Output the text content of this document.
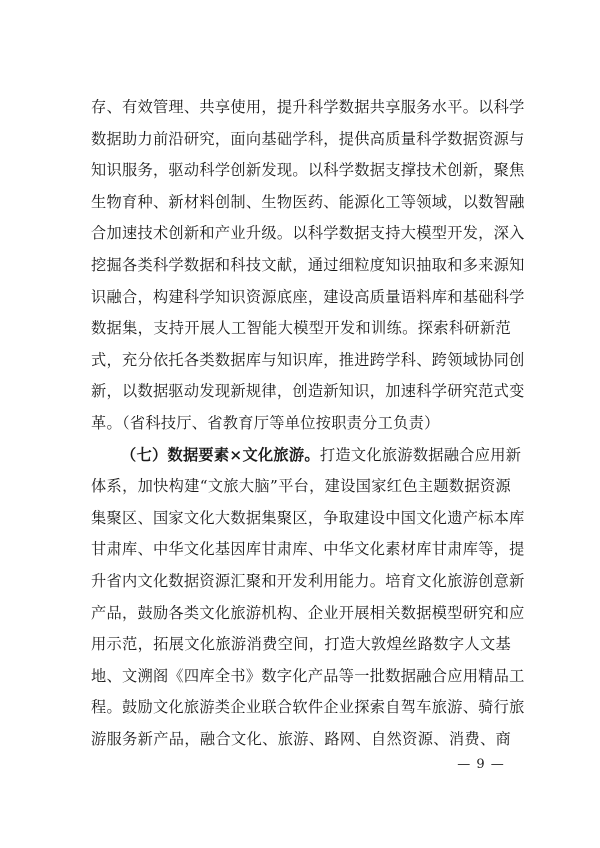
存、有效管理、共享使用，提升科学数据共享服务水平。以科学
数据助力前沿研究，面向基础学科，提供高质量科学数据资源与
知识服务，驱动科学创新发现。以科学数据支撑技术创新，聚焦
生物育种、新材料创制、生物医药、能源化工等领域，以数智融
合加速技术创新和产业升级。以科学数据支持大模型开发，深入
挖掘各类科学数据和科技文献，通过细粒度知识抽取和多来源知
识融合，构建科学知识资源底座，建设高质量语料库和基础科学
数据集，支持开展人工智能大模型开发和训练。探索科研新范
式，充分依托各类数据库与知识库，推进跨学科、跨领域协同创
新，以数据驱动发现新规律，创造新知识，加速科学研究范式变
革。（省科技厅、省教育厅等单位按职责分工负责）
（七）数据要素×文化旅游。打造文化旅游数据融合应用新
体系，加快构建“文旅大脑”平台，建设国家红色主题数据资源
集聚区、国家文化大数据集聚区，争取建设中国文化遗产标本库
甘肃库、中华文化基因库甘肃库、中华文化素材库甘肃库等，提
升省内文化数据资源汇聚和开发利用能力。培育文化旅游创意新
产品，鼓励各类文化旅游机构、企业开展相关数据模型研究和应
用示范，拓展文化旅游消费空间，打造大敦煌丝路数字人文基
地、文溯阁《四库全书》数字化产品等一批数据融合应用精品工
程。鼓励文化旅游类企业联合软件企业探索自驾车旅游、骑行旅
游服务新产品，融合文化、旅游、路网、自然资源、消费、商
— 9 —
